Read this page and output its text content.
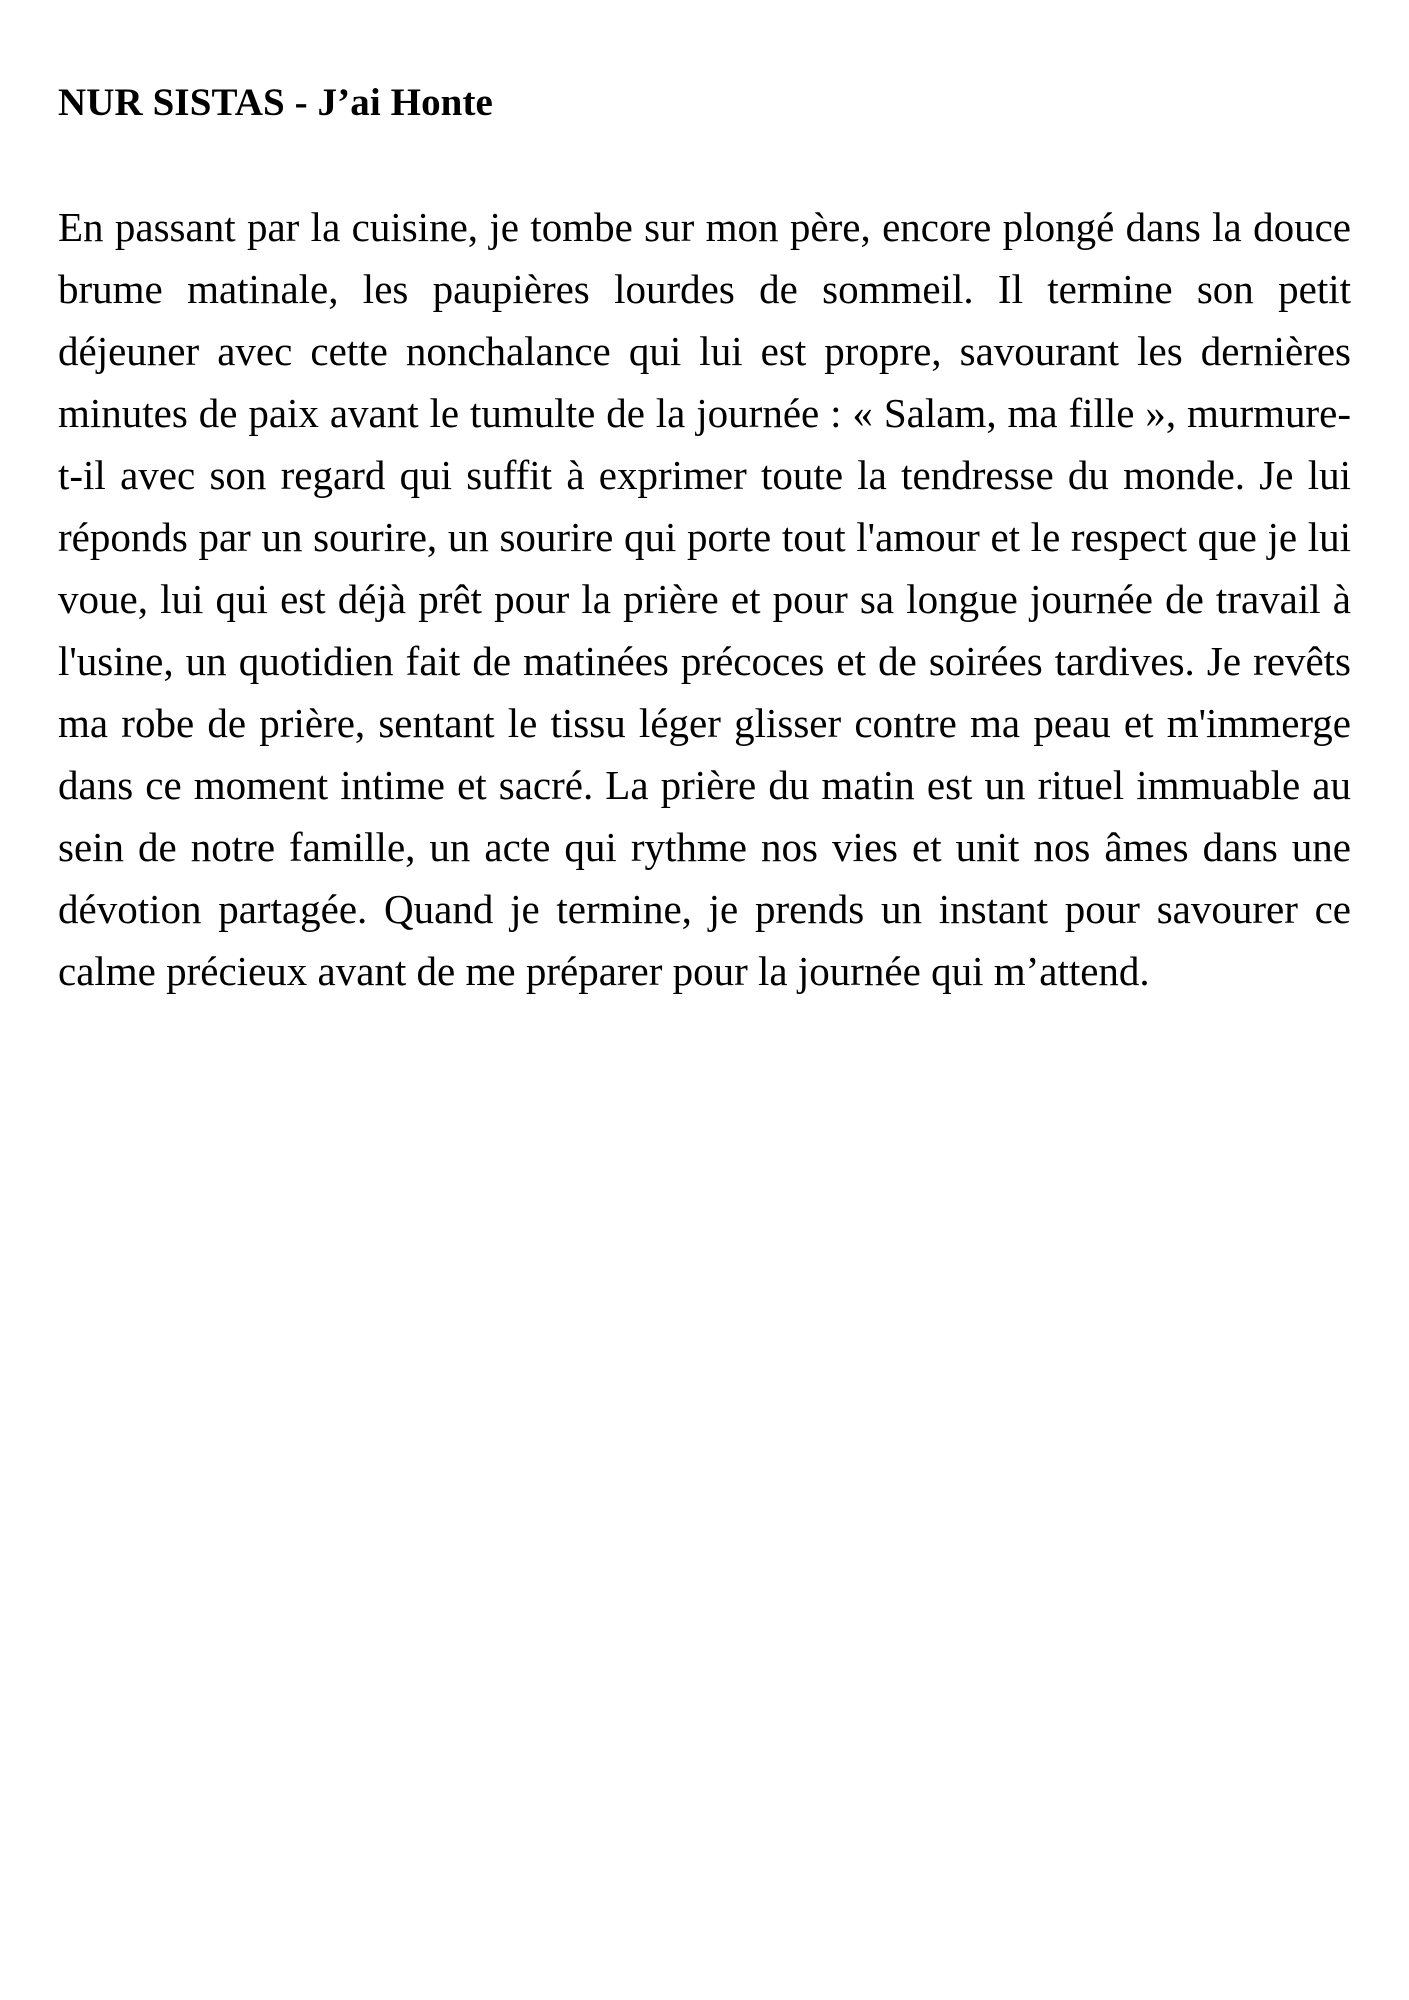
NUR SISTAS - J’ai Honte

En passant par la cuisine, je tombe sur mon père, encore plongé dans la douce brume matinale, les paupières lourdes de sommeil. Il termine son petit déjeuner avec cette nonchalance qui lui est propre, savourant les dernières minutes de paix avant le tumulte de la journée : « Salam, ma fille », murmure-t-il avec son regard qui suffit à exprimer toute la tendresse du monde. Je lui réponds par un sourire, un sourire qui porte tout l'amour et le respect que je lui voue, lui qui est déjà prêt pour la prière et pour sa longue journée de travail à l'usine, un quotidien fait de matinées précoces et de soirées tardives. Je revêts ma robe de prière, sentant le tissu léger glisser contre ma peau et m'immerge dans ce moment intime et sacré. La prière du matin est un rituel immuable au sein de notre famille, un acte qui rythme nos vies et unit nos âmes dans une dévotion partagée. Quand je termine, je prends un instant pour savourer ce calme précieux avant de me préparer pour la journée qui m’attend.
